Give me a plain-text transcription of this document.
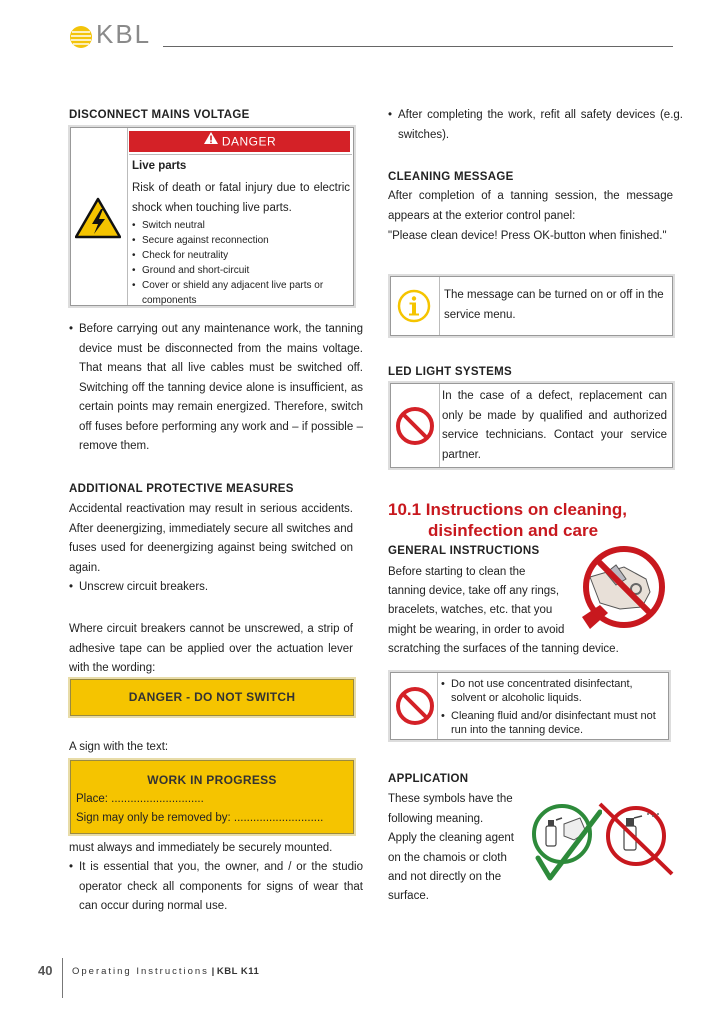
KBL
DISCONNECT MAINS VOLTAGE
DANGER
Live parts
Risk of death or fatal injury due to electric shock when touching live parts.
• Switch neutral
• Secure against reconnection
• Check for neutrality
• Ground and short-circuit
• Cover or shield any adjacent live parts or components
• Before carrying out any maintenance work, the tanning device must be disconnected from the mains voltage. That means that all live cables must be switched off. Switching off the tanning device alone is insufficient, as certain points may remain energized. Therefore, switch off fuses before performing any work and – if possible – remove them.
ADDITIONAL PROTECTIVE MEASURES
Accidental reactivation may result in serious accidents. After deenergizing, immediately secure all switches and fuses used for deenergizing against being switched on again.
• Unscrew circuit breakers.
Where circuit breakers cannot be unscrewed, a strip of adhesive tape can be applied over the actuation lever with the wording:
DANGER - DO NOT SWITCH
A sign with the text:
WORK IN PROGRESS
Place: .............................
Sign may only be removed by: ............................
must always and immediately be securely mounted.
• It is essential that you, the owner, and / or the studio operator check all components for signs of wear that can occur during normal use.
• After completing the work, refit all safety devices (e.g. switches).
CLEANING MESSAGE
After completion of a tanning session, the message appears at the exterior control panel:
"Please clean device! Press OK-button when finished."
The message can be turned on or off in the service menu.
LED LIGHT SYSTEMS
In the case of a defect, replacement can only be made by qualified and authorized service technicians. Contact your service partner.
10.1 Instructions on cleaning,
disinfection and care
GENERAL INSTRUCTIONS
Before starting to clean the
tanning device, take off any rings,
bracelets, watches, etc. that you
might be wearing, in order to avoid
scratching the surfaces of the tanning device.
• Do not use concentrated disinfectant, solvent or alcoholic liquids.
• Cleaning fluid and/or disinfectant must not run into the tanning device.
APPLICATION
These symbols have the
following meaning.
Apply the cleaning agent
on the chamois or cloth
and not directly on the
surface.
40 Operating Instructions | KBL K11
